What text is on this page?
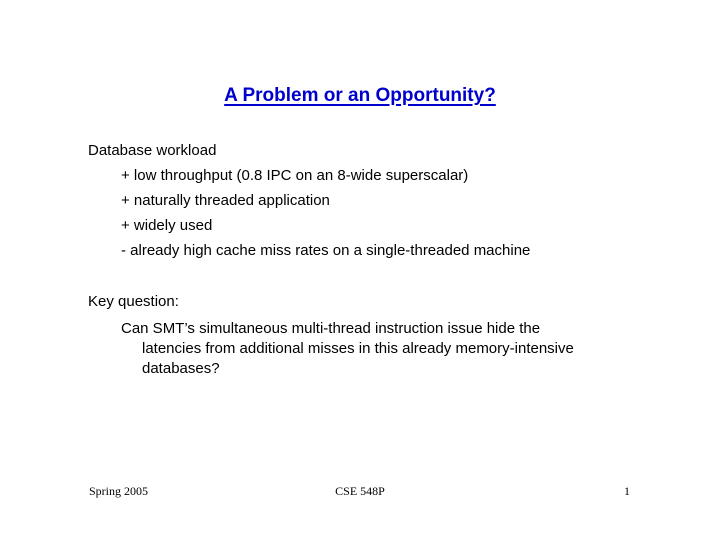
A Problem or an Opportunity?
Database workload
+ low throughput (0.8 IPC on an 8-wide superscalar)
+ naturally threaded application
+ widely used
- already high cache miss rates on a single-threaded machine
Key question:
Can SMT’s simultaneous multi-thread instruction issue hide the
latencies from additional misses in this already memory-intensive
databases?
Spring 2005	CSE 548P	1
